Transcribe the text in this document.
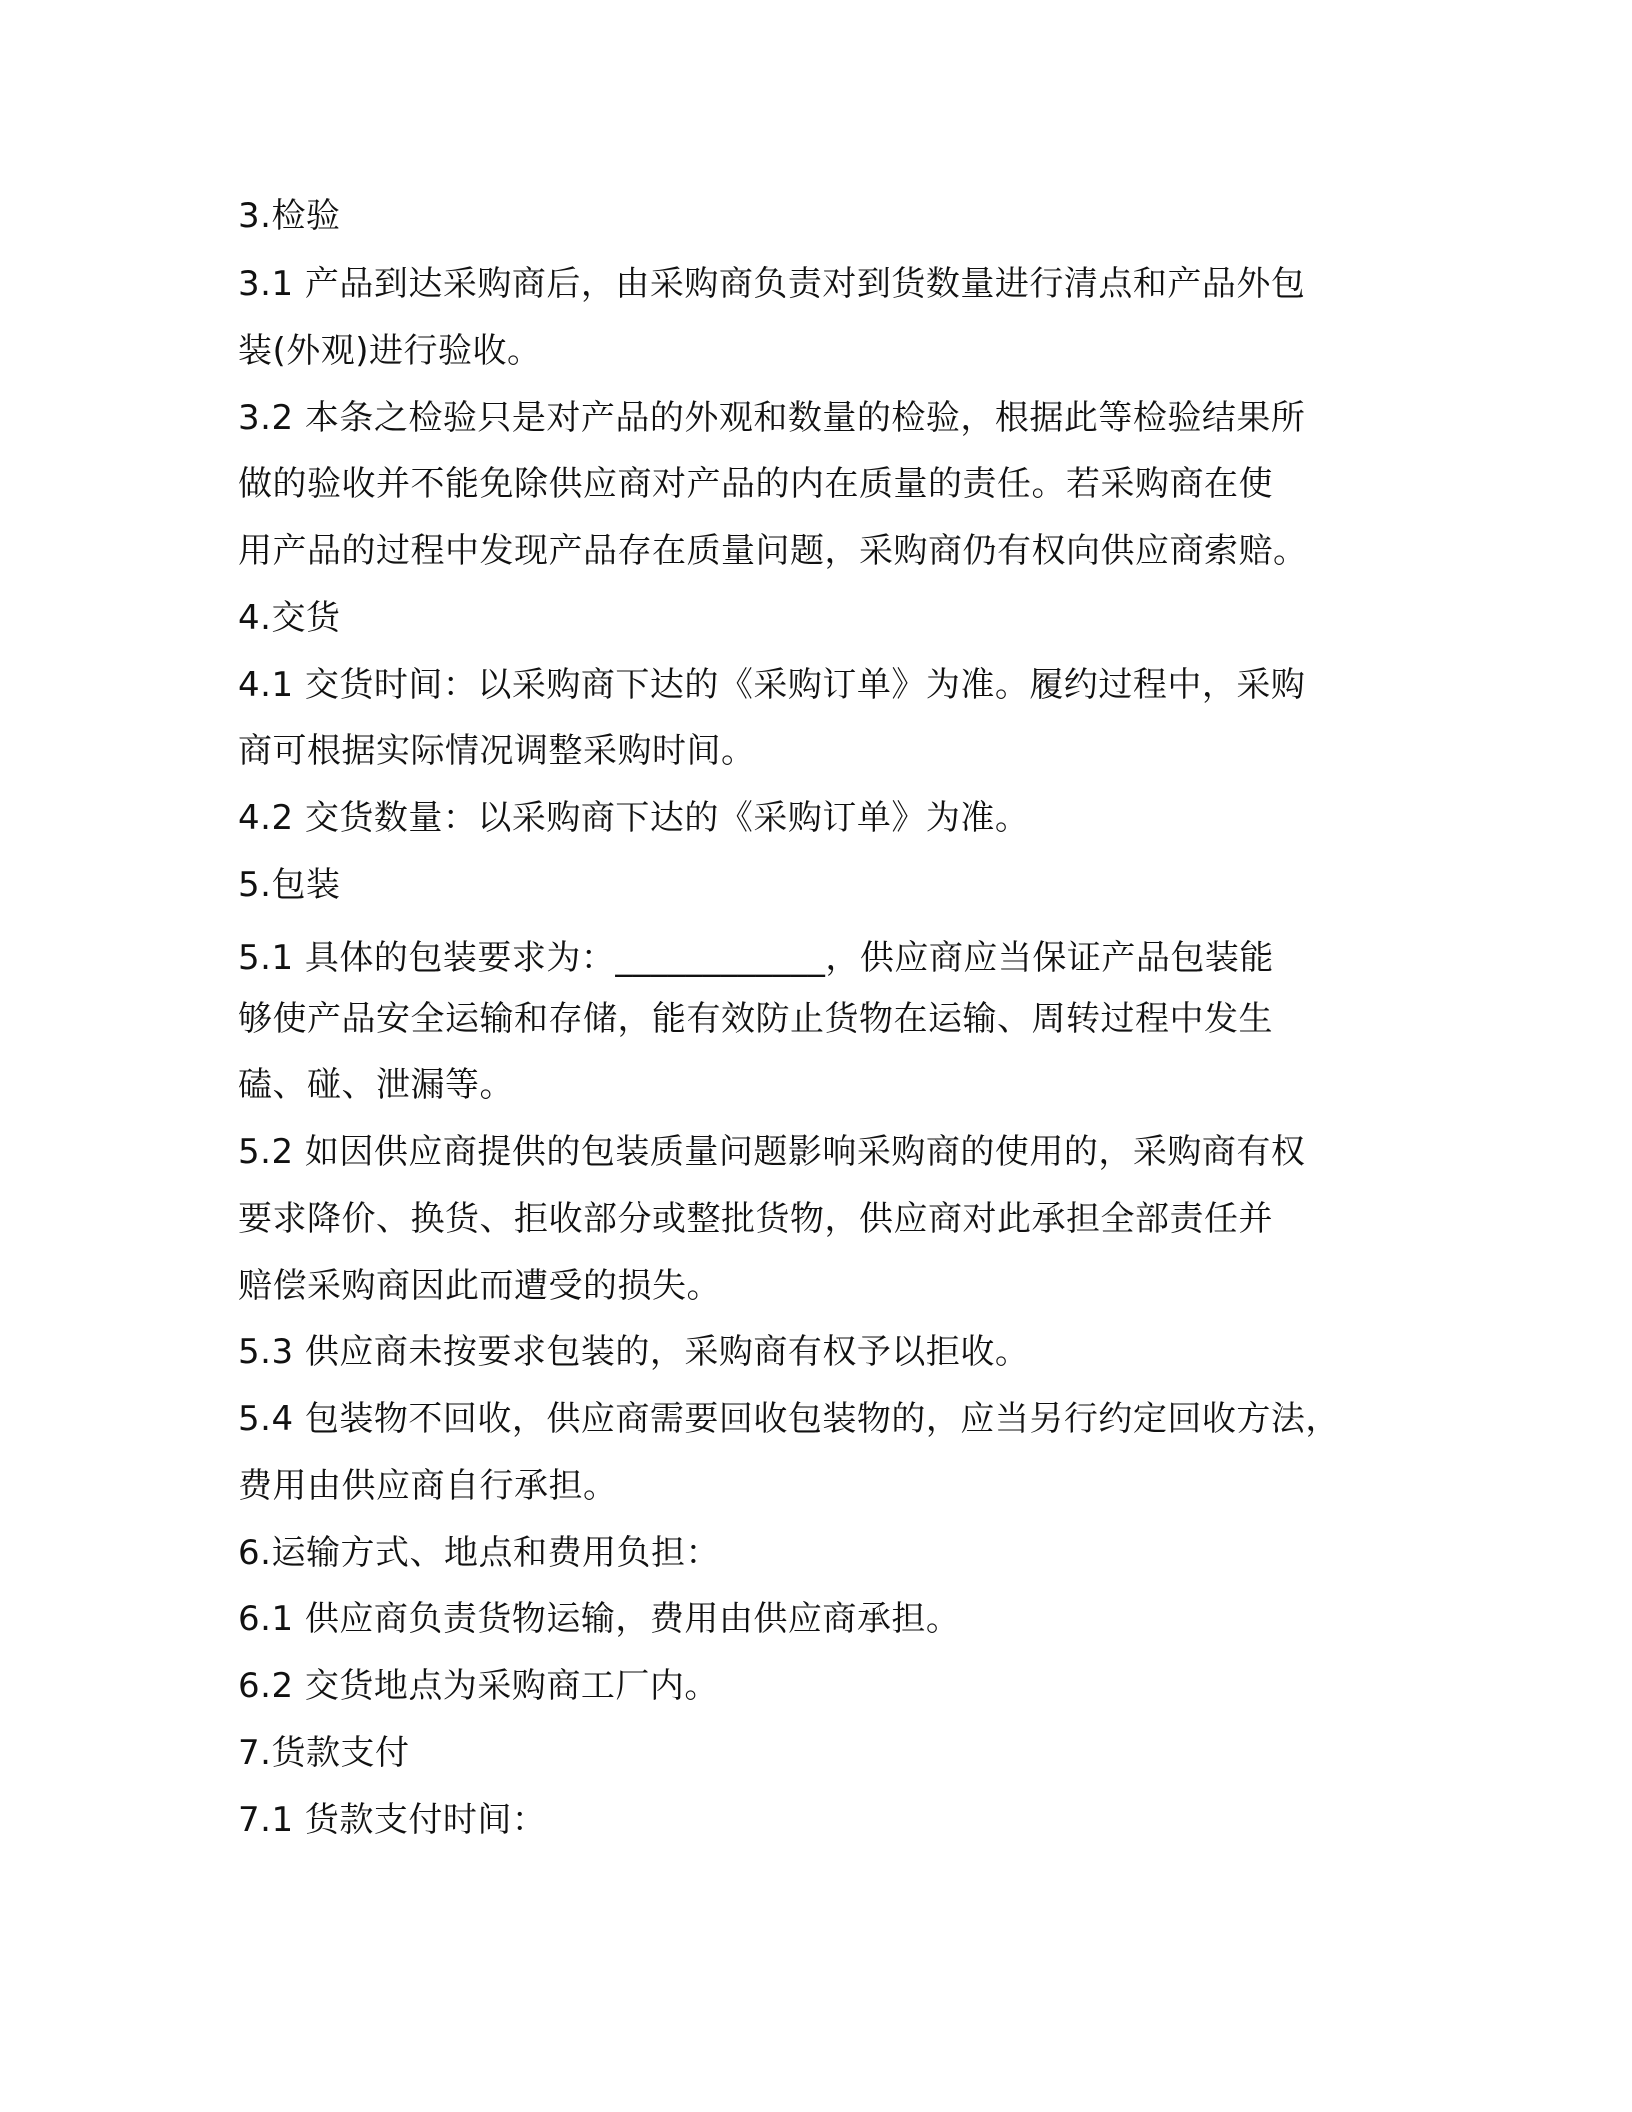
3.检验
3.1 产品到达采购商后，由采购商负责对到货数量进行清点和产品外包
装(外观)进行验收。
3.2 本条之检验只是对产品的外观和数量的检验，根据此等检验结果所
做的验收并不能免除供应商对产品的内在质量的责任。若采购商在使
用产品的过程中发现产品存在质量问题，采购商仍有权向供应商索赔。
4.交货
4.1 交货时间：以采购商下达的《采购订单》为准。履约过程中，采购
商可根据实际情况调整采购时间。
4.2 交货数量：以采购商下达的《采购订单》为准。
5.包装
5.1 具体的包装要求为：____________，供应商应当保证产品包装能
够使产品安全运输和存储，能有效防止货物在运输、周转过程中发生
磕、碰、泄漏等。
5.2 如因供应商提供的包装质量问题影响采购商的使用的，采购商有权
要求降价、换货、拒收部分或整批货物，供应商对此承担全部责任并
赔偿采购商因此而遭受的损失。
5.3 供应商未按要求包装的，采购商有权予以拒收。
5.4 包装物不回收，供应商需要回收包装物的，应当另行约定回收方法，
费用由供应商自行承担。
6.运输方式、地点和费用负担：
6.1 供应商负责货物运输，费用由供应商承担。
6.2 交货地点为采购商工厂内。
7.货款支付
7.1 货款支付时间：
